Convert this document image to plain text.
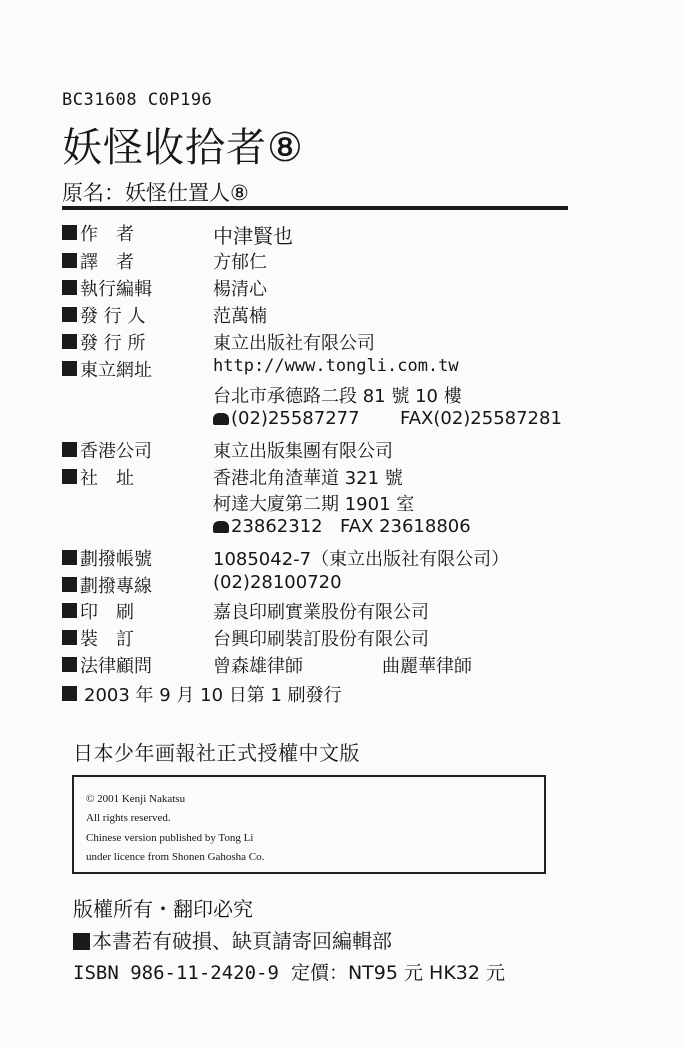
BC31608 C0P196
妖怪收拾者⑧
原名：妖怪仕置人⑧
作　者	中津賢也
譯　者	方郁仁
執行編輯	楊清心
發 行 人	范萬楠
發 行 所	東立出版社有限公司
東立網址	http://www.tongli.com.tw
台北市承德路二段 81 號 10 樓
(02)25587277 FAX(02)25587281
香港公司	東立出版集團有限公司
社　址	香港北角渣華道 321 號
柯達大廈第二期 1901 室
23862312 FAX 23618806
劃撥帳號	1085042-7（東立出版社有限公司）
劃撥專線	(02)28100720
印　刷	嘉良印刷實業股份有限公司
裝　訂	台興印刷裝訂股份有限公司
法律顧問	曾森雄律師	曲麗華律師
2003 年 9 月 10 日第 1 刷發行
日本少年画報社正式授權中文版
© 2001 Kenji Nakatsu
All rights reserved.
Chinese version published by Tong Li
under licence from Shonen Gahosha Co.
版權所有・翻印必究
本書若有破損、缺頁請寄回編輯部
ISBN 986-11-2420-9 定價：NT95 元 HK32 元
